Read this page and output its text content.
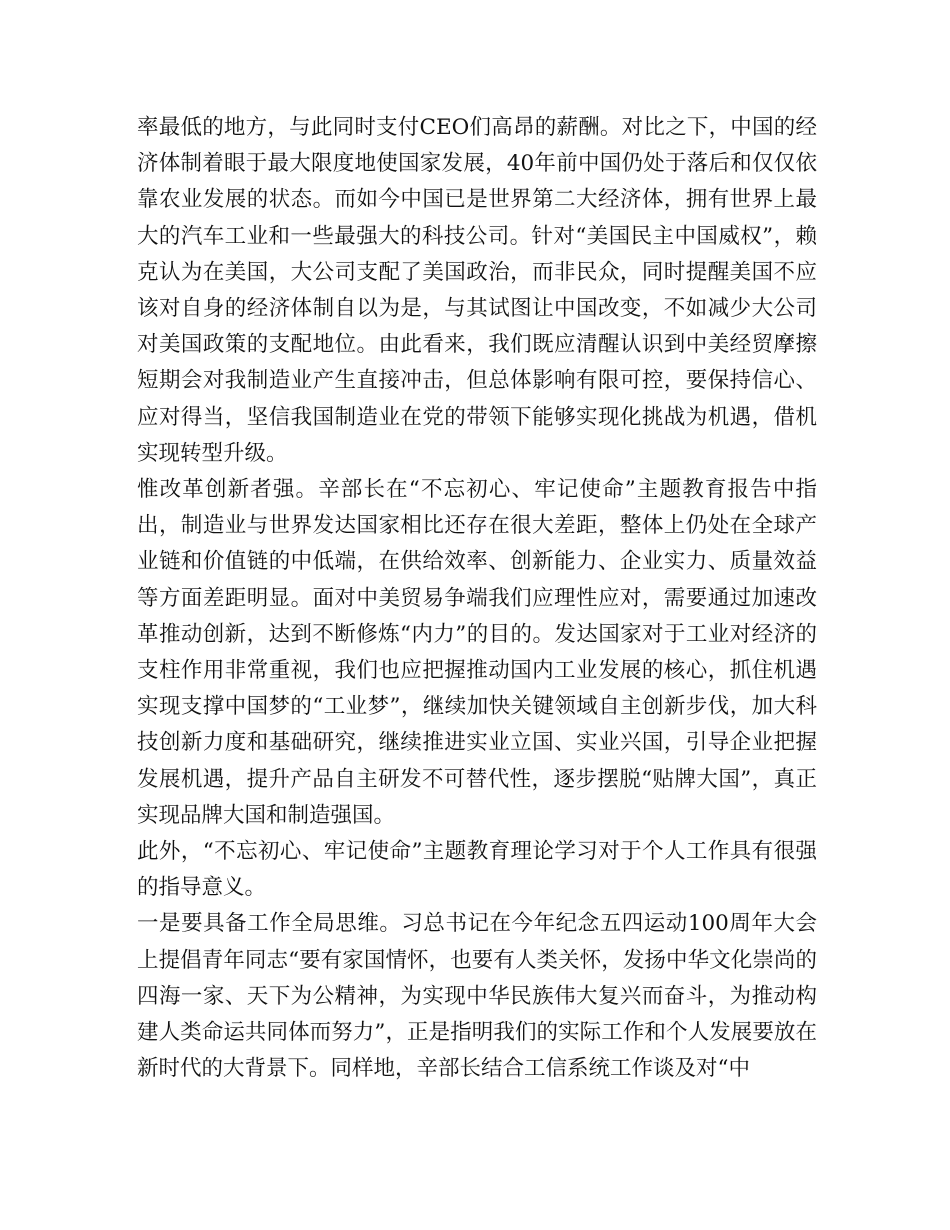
率最低的地方，与此同时支付CEO们高昂的薪酬。对比之下，中国的经济体制着眼于最大限度地使国家发展，40年前中国仍处于落后和仅仅依靠农业发展的状态。而如今中国已是世界第二大经济体，拥有世界上最大的汽车工业和一些最强大的科技公司。针对“美国民主中国威权”，赖克认为在美国，大公司支配了美国政治，而非民众，同时提醒美国不应该对自身的经济体制自以为是，与其试图让中国改变，不如减少大公司对美国政策的支配地位。由此看来，我们既应清醒认识到中美经贸摩擦短期会对我制造业产生直接冲击，但总体影响有限可控，要保持信心、应对得当，坚信我国制造业在党的带领下能够实现化挑战为机遇，借机实现转型升级。

惟改革创新者强。辛部长在“不忘初心、牢记使命”主题教育报告中指出，制造业与世界发达国家相比还存在很大差距，整体上仍处在全球产业链和价值链的中低端，在供给效率、创新能力、企业实力、质量效益等方面差距明显。面对中美贸易争端我们应理性应对，需要通过加速改革推动创新，达到不断修炼“内力”的目的。发达国家对于工业对经济的支柱作用非常重视，我们也应把握推动国内工业发展的核心，抓住机遇实现支撑中国梦的“工业梦”，继续加快关键领域自主创新步伐，加大科技创新力度和基础研究，继续推进实业立国、实业兴国，引导企业把握发展机遇，提升产品自主研发不可替代性，逐步摆脱“贴牌大国”，真正实现品牌大国和制造强国。

此外，“不忘初心、牢记使命”主题教育理论学习对于个人工作具有很强的指导意义。

一是要具备工作全局思维。习总书记在今年纪念五四运动100周年大会上提倡青年同志“要有家国情怀，也要有人类关怀，发扬中华文化崇尚的四海一家、天下为公精神，为实现中华民族伟大复兴而奋斗，为推动构建人类命运共同体而努力”，正是指明我们的实际工作和个人发展要放在新时代的大背景下。同样地，辛部长结合工信系统工作谈及对“中
